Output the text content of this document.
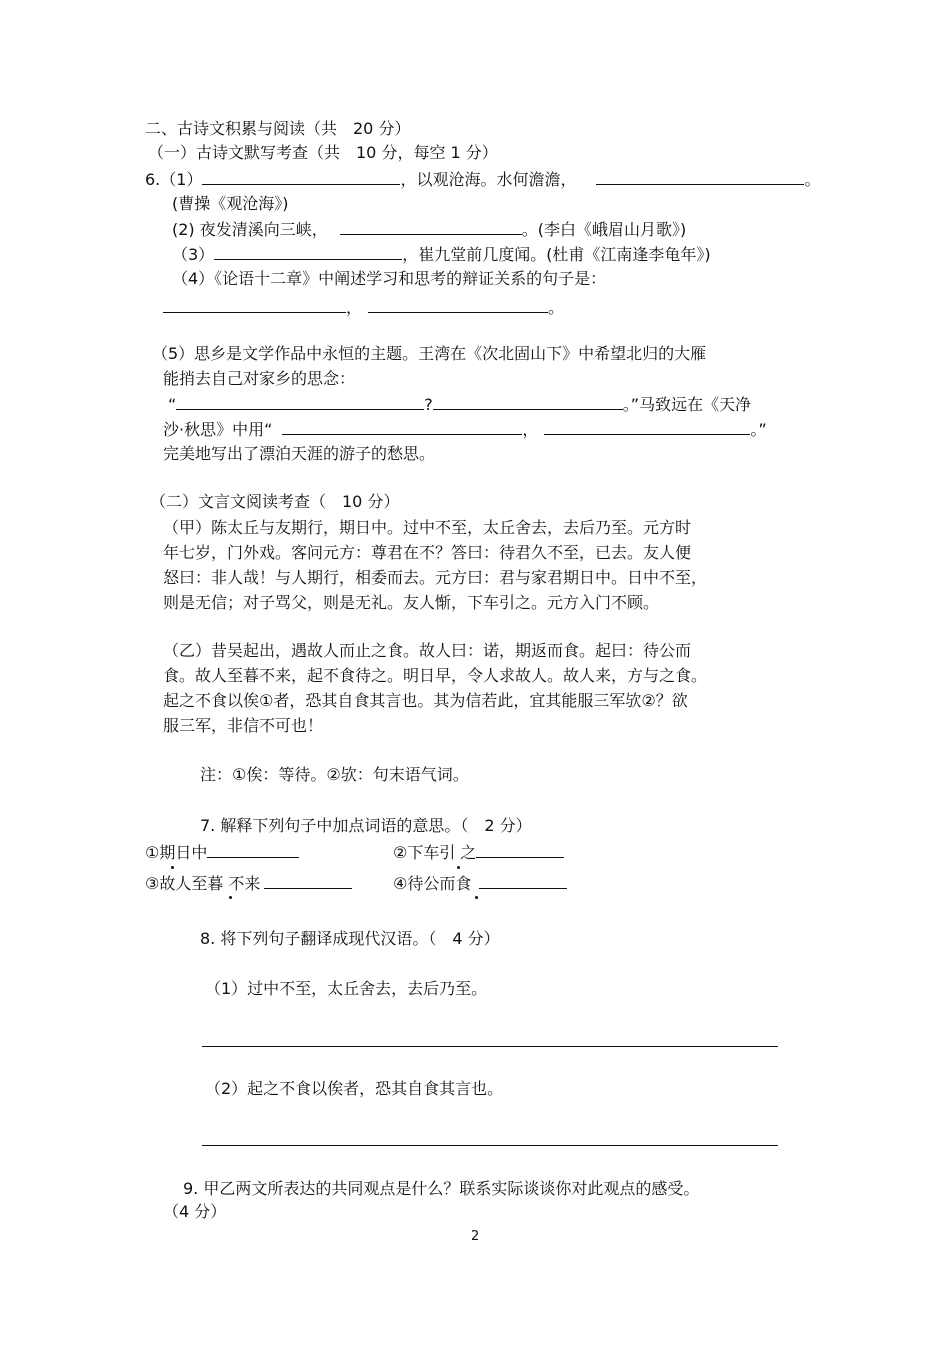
二、古诗文积累与阅读（共　20 分）
（一）古诗文默写考查（共　10 分，每空 1 分）
6.（1）	，以观沧海。水何澹澹，	。
(曹操《观沧海》)
(2) 夜发清溪向三峡，	。(李白《峨眉山月歌》)
（3）	，崔九堂前几度闻。(杜甫《江南逢李龟年》)
（4）《论语十二章》中阐述学习和思考的辩证关系的句子是：
，	。
（5）思乡是文学作品中永恒的主题。王湾在《次北固山下》中希望北归的大雁
能捎去自己对家乡的思念：
“	?	。”马致远在《天净
沙·秋思》中用“	，	。”
完美地写出了漂泊天涯的游子的愁思。
（二）文言文阅读考查（　10 分）
（甲）陈太丘与友期行，期日中。过中不至，太丘舍去，去后乃至。元方时
年七岁，门外戏。客问元方：尊君在不？答曰：待君久不至，已去。友人便
怒曰：非人哉！与人期行，相委而去。元方曰：君与家君期日中。日中不至，
则是无信；对子骂父，则是无礼。友人惭，下车引之。元方入门不顾。
（乙）昔吴起出，遇故人而止之食。故人曰：诺，期返而食。起曰：待公而
食。故人至暮不来，起不食待之。明日早，令人求故人。故人来，方与之食。
起之不食以俟①者，恐其自食其言也。其为信若此，宜其能服三军欤②？欲
服三军，非信不可也！
注：①俟：等待。②欤：句末语气词。
7. 解释下列句子中加点词语的意思。（　2 分）
①期日中	②下车引 之
③故人至暮 不来	④待公而食
8. 将下列句子翻译成现代汉语。（　4 分）
（1）过中不至，太丘舍去，去后乃至。
（2）起之不食以俟者，恐其自食其言也。
9. 甲乙两文所表达的共同观点是什么？联系实际谈谈你对此观点的感受。
（4 分）
2
